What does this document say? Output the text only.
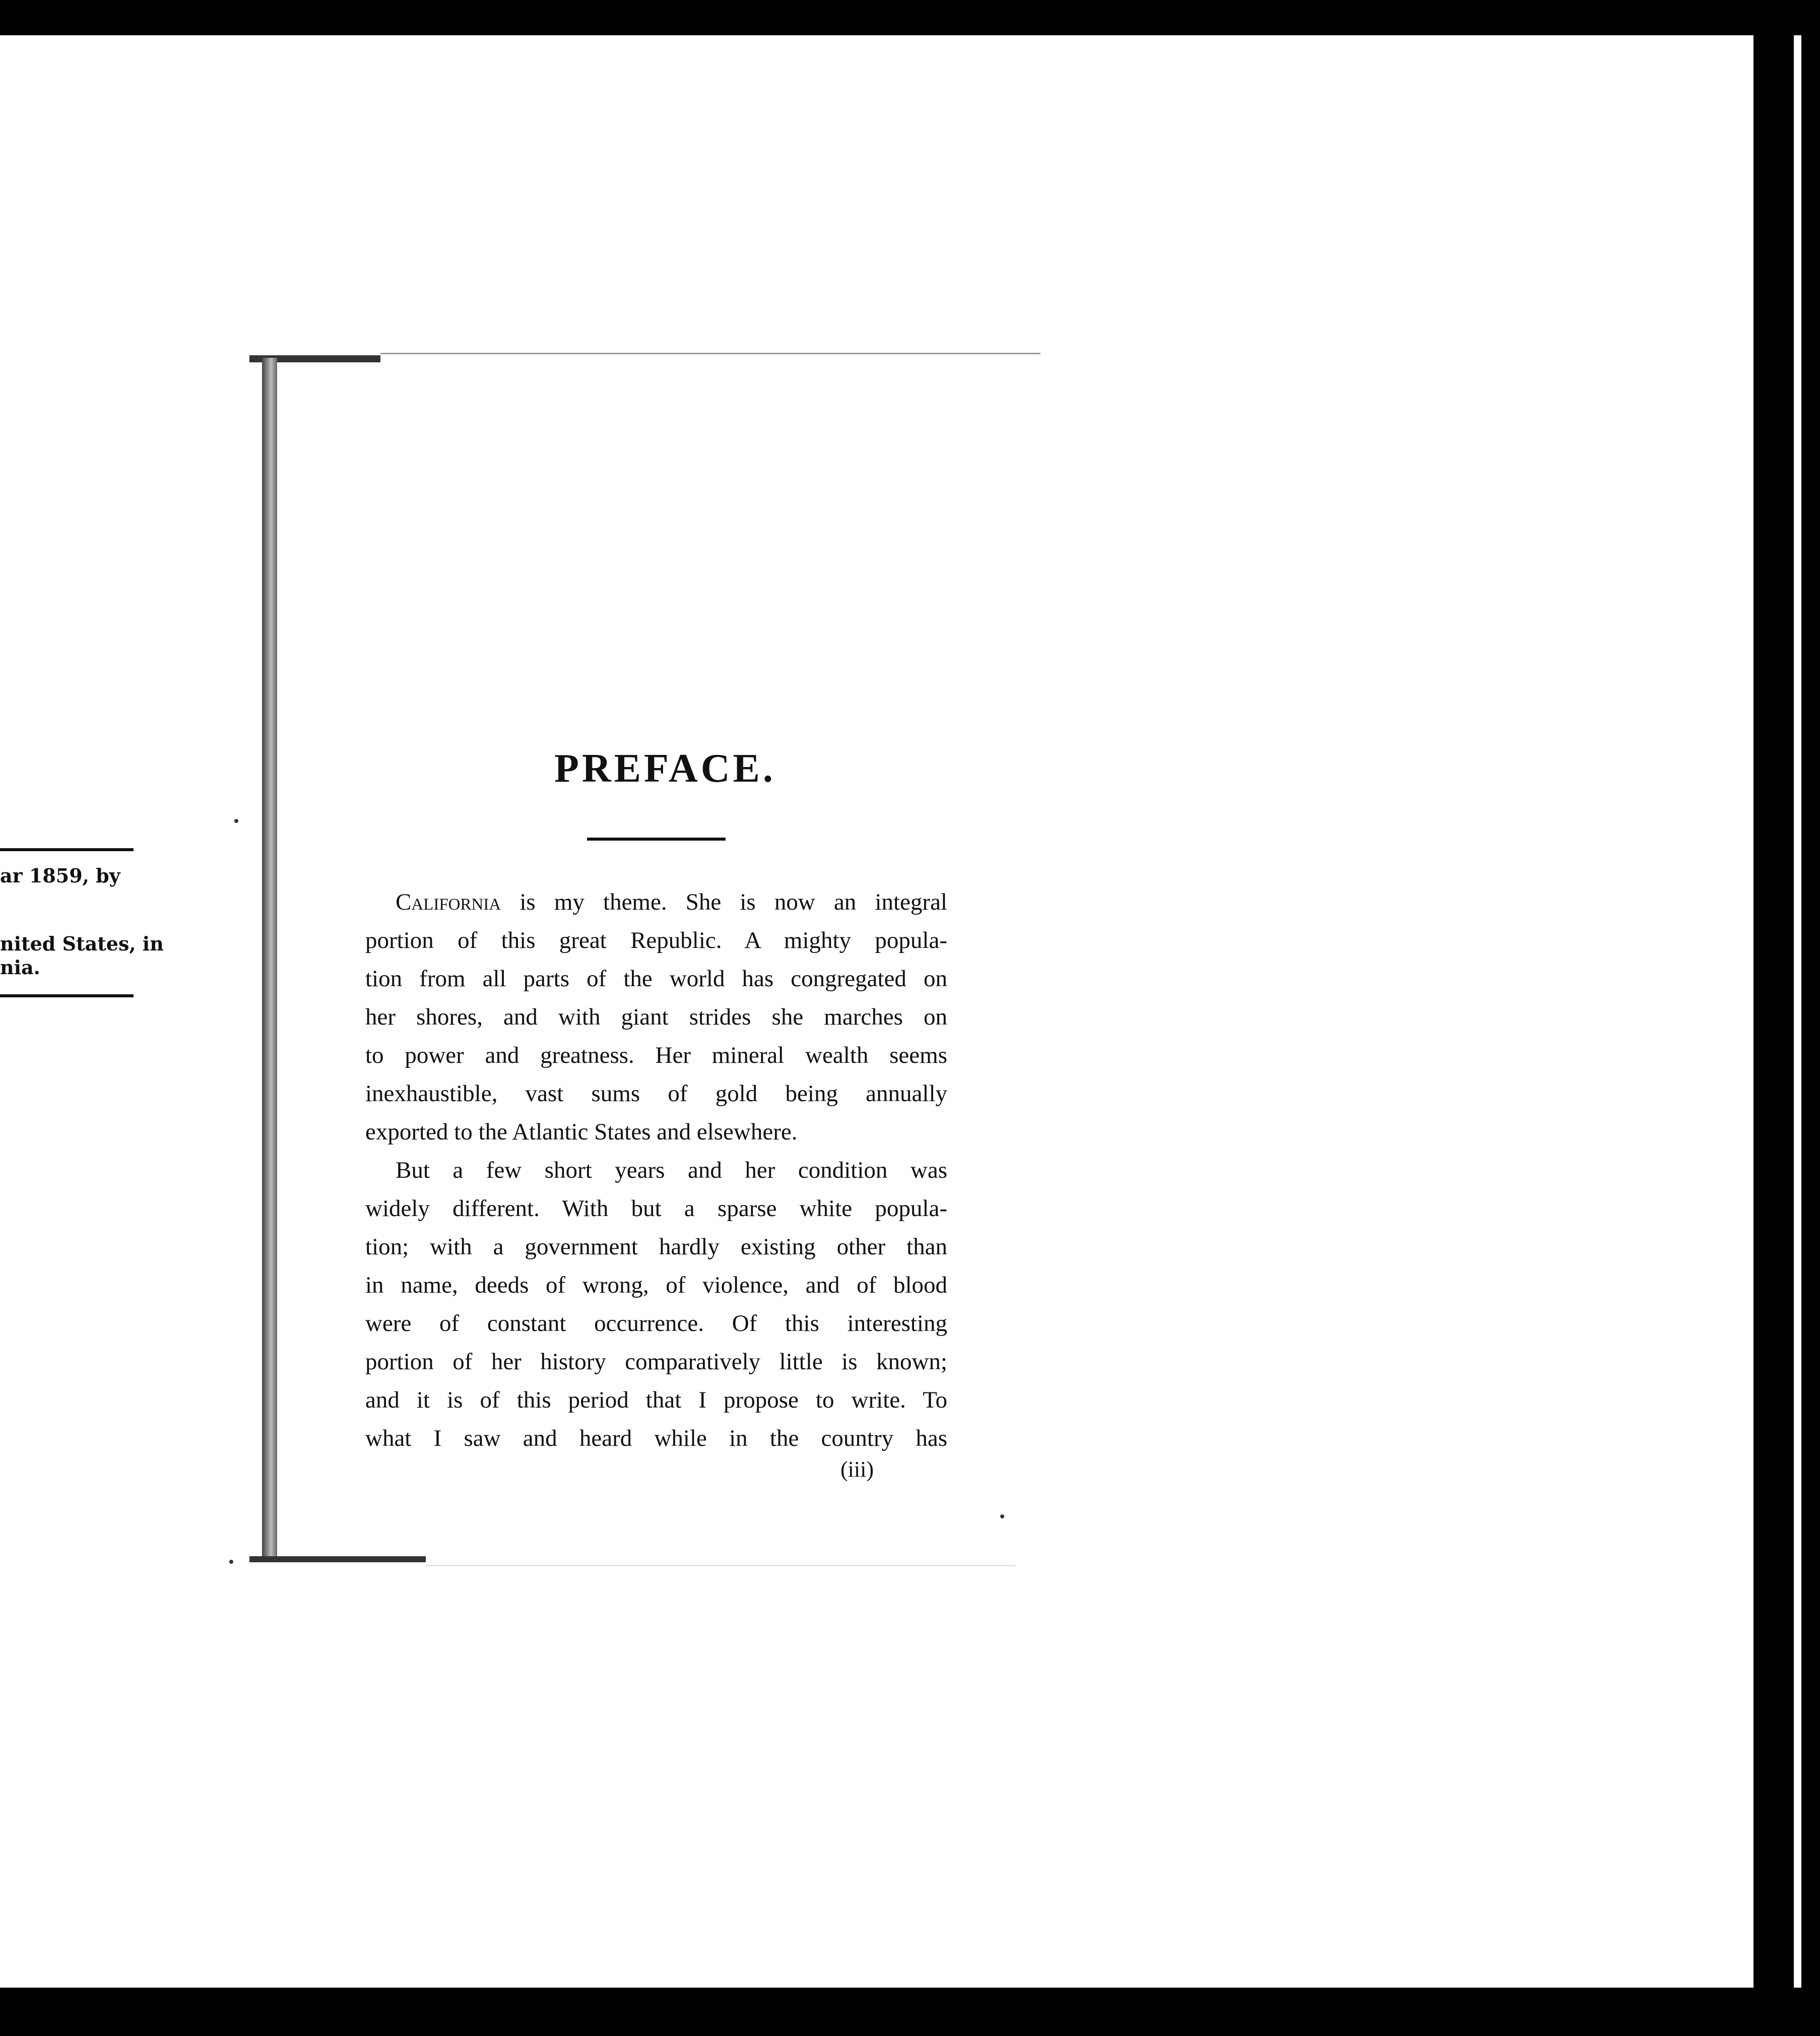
ar 1859, by
nited States, in
nia.
PREFACE.

California is my theme. She is now an integral

portion of this great Republic. A mighty popula-

tion from all parts of the world has congregated on

her shores, and with giant strides she marches on

to power and greatness. Her mineral wealth seems

inexhaustible, vast sums of gold being annually

exported to the Atlantic States and elsewhere.

But a few short years and her condition was

widely different. With but a sparse white popula-

tion; with a government hardly existing other than

in name, deeds of wrong, of violence, and of blood

were of constant occurrence. Of this interesting

portion of her history comparatively little is known;

and it is of this period that I propose to write. To

what I saw and heard while in the country has

(iii)
